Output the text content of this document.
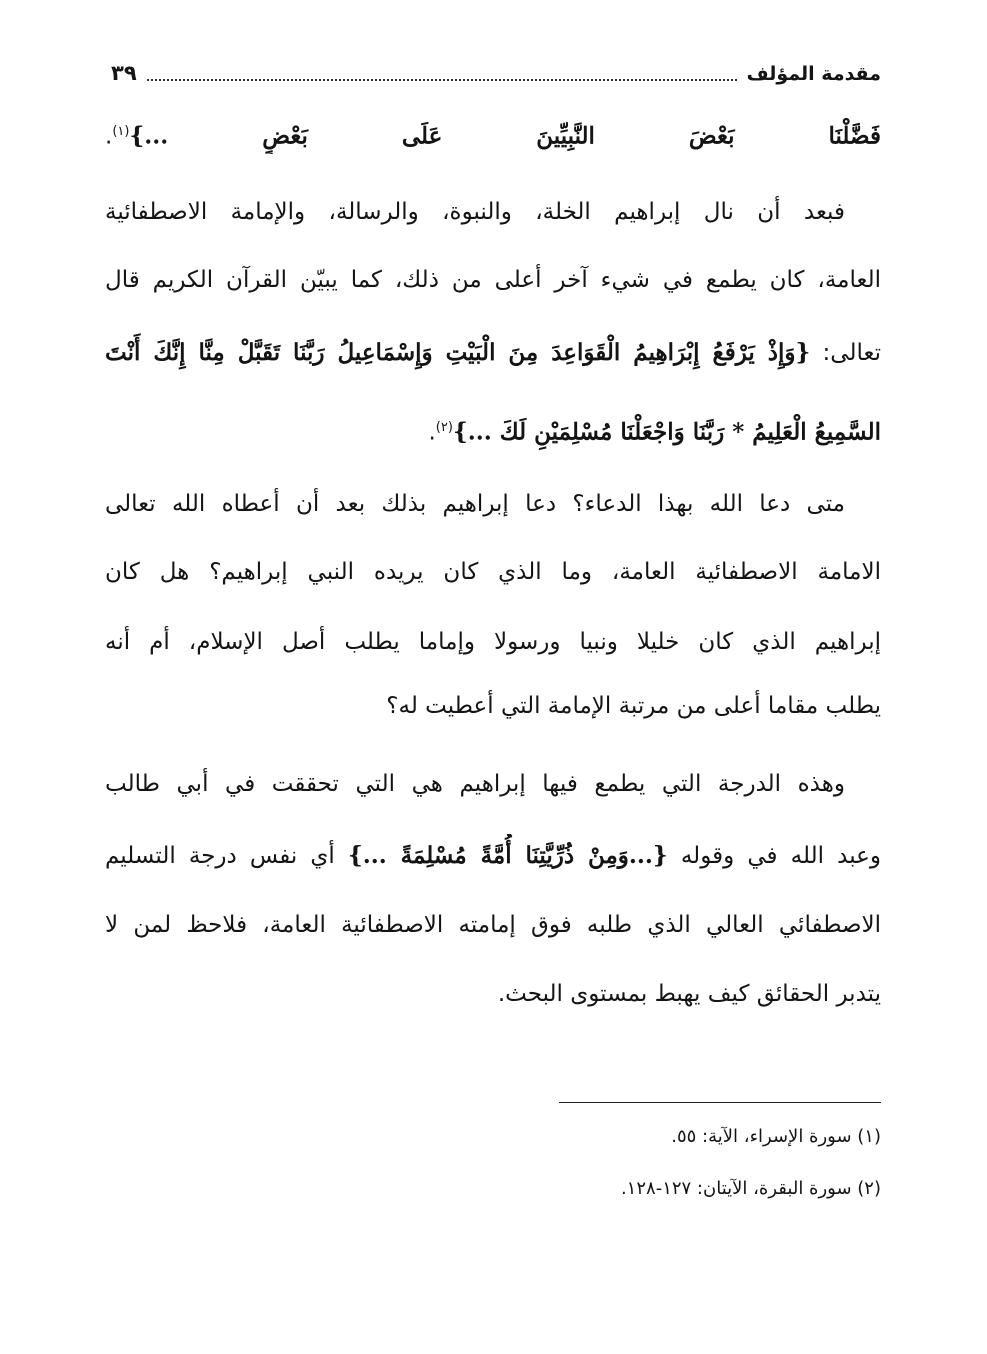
مقدمة المؤلف
٣٩
فَضَّلْنَا بَعْضَ النَّبِيِّينَ عَلَى بَعْضٍ ...}$^{(١)}$.
فبعد أن نال إبراهيم الخلة، والنبوة، والرسالة، والإمامة الاصطفائية
العامة، كان يطمع في شيء آخر أعلى من ذلك، كما يبيّن القرآن الكريم قال
تعالى: {وَإِذْ يَرْفَعُ إِبْرَاهِيمُ الْقَوَاعِدَ مِنَ الْبَيْتِ وَإِسْمَاعِيلُ رَبَّنَا تَقَبَّلْ مِنَّا إِنَّكَ أَنْتَ
السَّمِيعُ الْعَلِيمُ * رَبَّنَا وَاجْعَلْنَا مُسْلِمَيْنِ لَكَ ...}$^{(٢)}$.
متى دعا الله بهذا الدعاء؟ دعا إبراهيم بذلك بعد أن أعطاه الله تعالى
الامامة الاصطفائية العامة، وما الذي كان يريده النبي إبراهيم؟ هل كان
إبراهيم الذي كان خليلا ونبيا ورسولا وإماما يطلب أصل الإسلام، أم أنه
يطلب مقاما أعلى من مرتبة الإمامة التي أعطيت له؟
وهذه الدرجة التي يطمع فيها إبراهيم هي التي تحققت في أبي طالب
وعبد الله في وقوله {...وَمِنْ ذُرِّيَّتِنَا أُمَّةً مُسْلِمَةً ...} أي نفس درجة التسليم
الاصطفائي العالي الذي طلبه فوق إمامته الاصطفائية العامة، فلاحظ لمن لا
يتدبر الحقائق كيف يهبط بمستوى البحث.
(١) سورة الإسراء، الآية: ٥٥.
(٢) سورة البقرة، الآيتان: ١٢٧-١٢٨.
